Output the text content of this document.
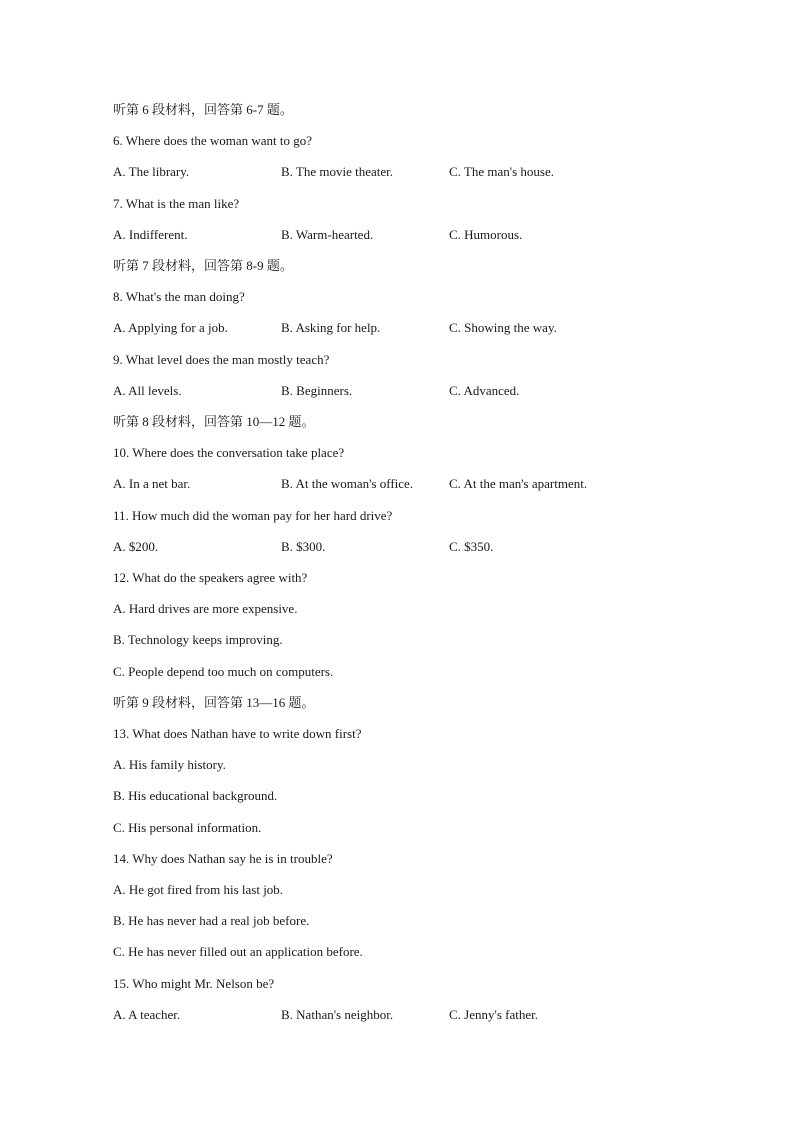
听第 6 段材料，回答第 6-7 题。
6. Where does the woman want to go?
A. The library.	B. The movie theater.	C. The man's house.
7. What is the man like?
A. Indifferent.	B. Warm-hearted.	C. Humorous.
听第 7 段材料，回答第 8-9 题。
8. What's the man doing?
A. Applying for a job.	B. Asking for help.	C. Showing the way.
9. What level does the man mostly teach?
A. All levels.	B. Beginners.	C. Advanced.
听第 8 段材料，回答第 10—12 题。
10. Where does the conversation take place?
A. In a net bar.	B. At the woman's office.	C. At the man's apartment.
11. How much did the woman pay for her hard drive?
A. $200.	B. $300.	C. $350.
12. What do the speakers agree with?
A. Hard drives are more expensive.
B. Technology keeps improving.
C. People depend too much on computers.
听第 9 段材料，回答第 13—16 题。
13. What does Nathan have to write down first?
A. His family history.
B. His educational background.
C. His personal information.
14. Why does Nathan say he is in trouble?
A. He got fired from his last job.
B. He has never had a real job before.
C. He has never filled out an application before.
15. Who might Mr. Nelson be?
A. A teacher.	B. Nathan's neighbor.	C. Jenny's father.
